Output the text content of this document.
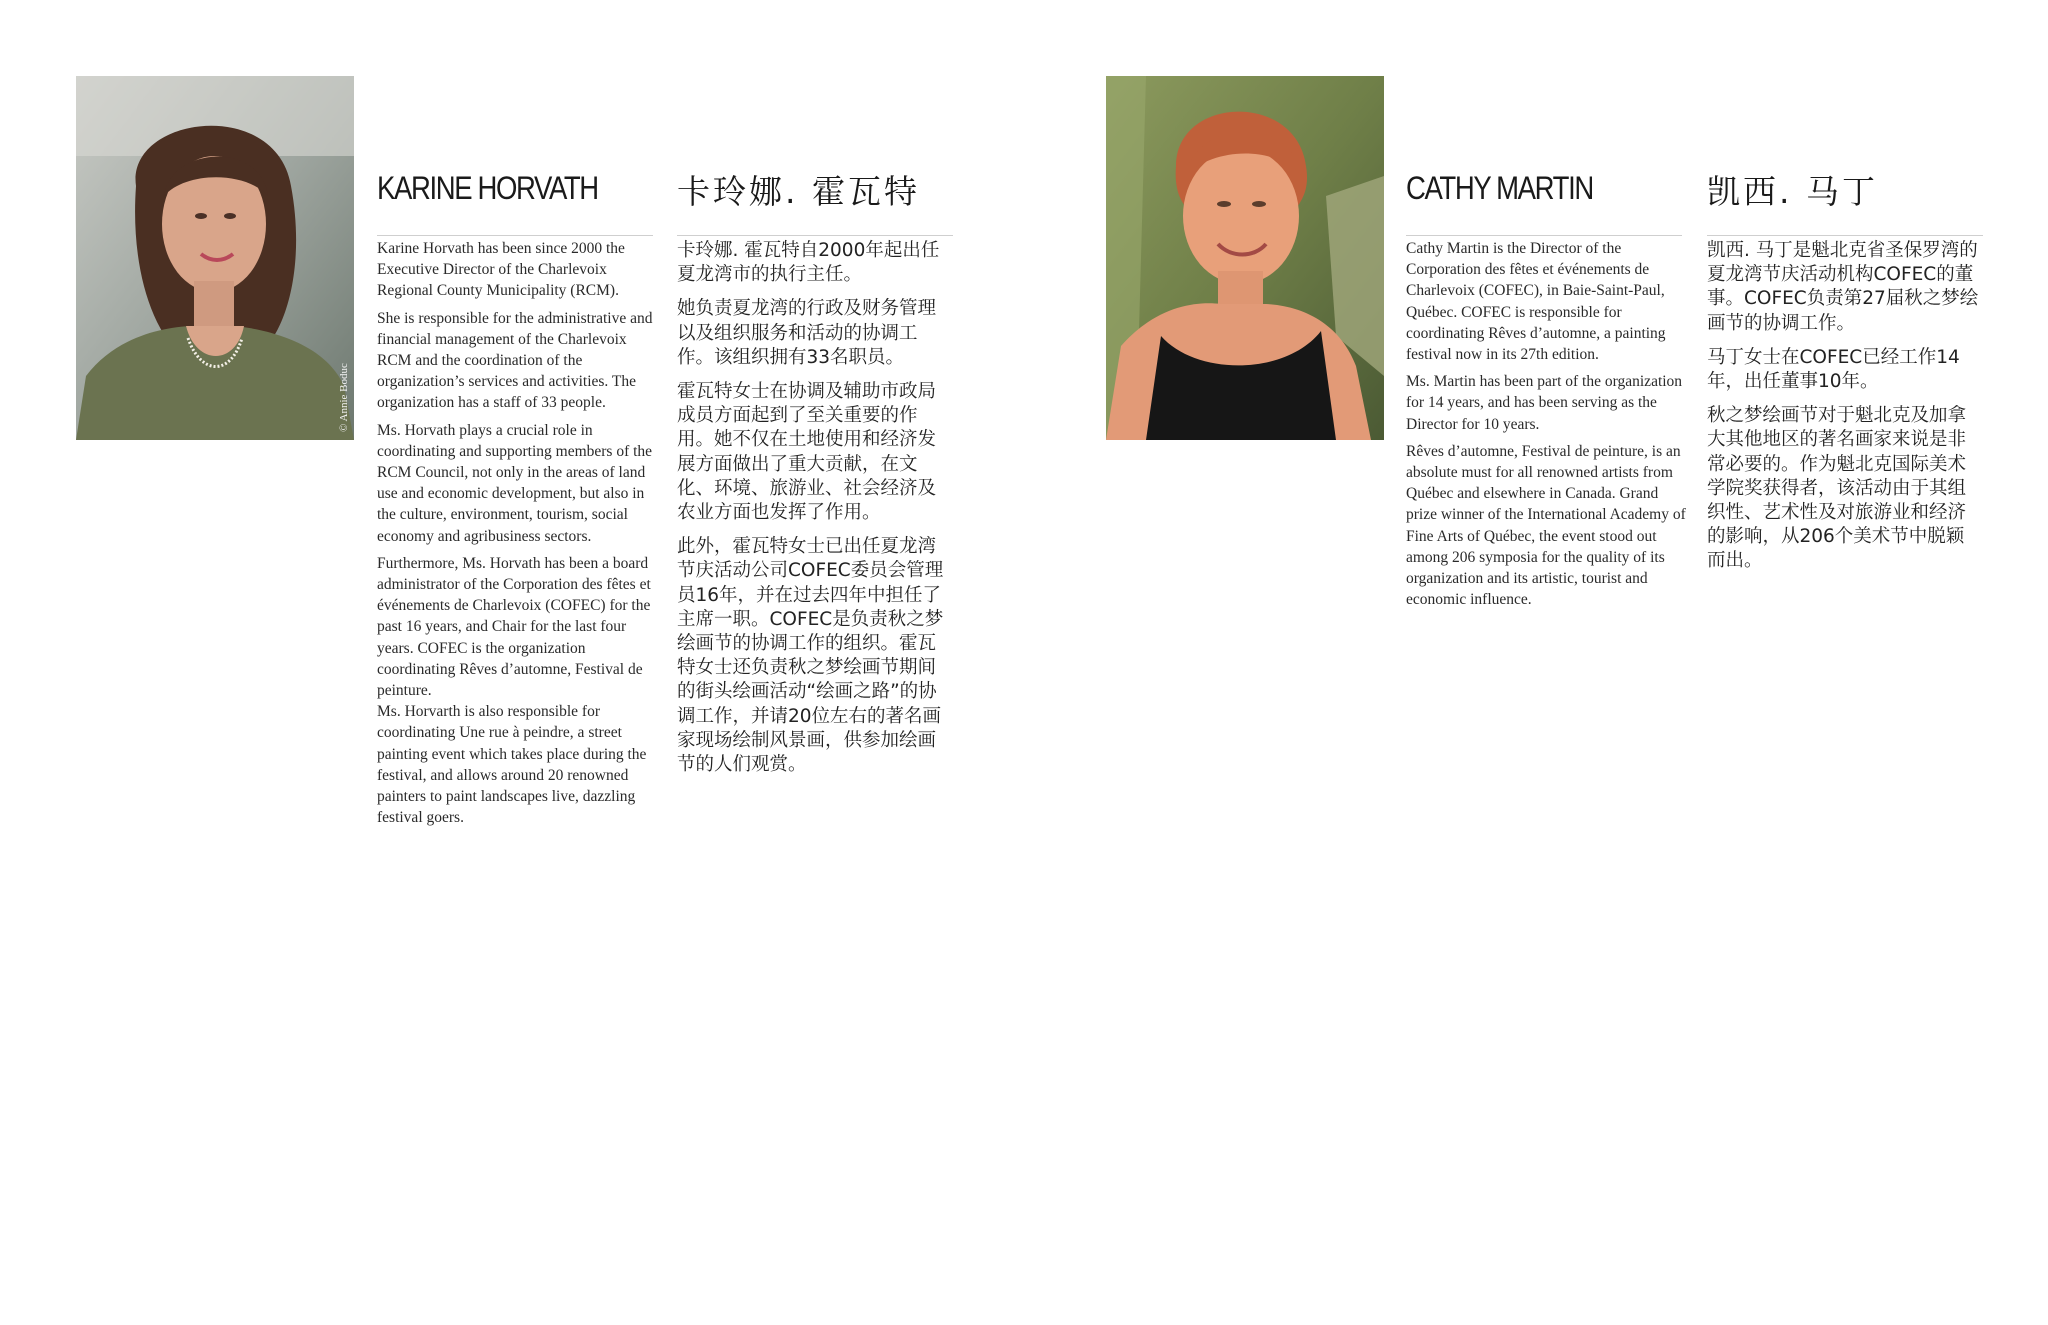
© Annie Boduc
KARINE HORVATH

Karine Horvath has been since 2000 the Executive Director of the Charlevoix Regional County Municipality (RCM).

She is responsible for the administrative and financial management of the Charlevoix RCM and the coordination of the organization’s services and activities. The organization has a staff of 33 people.

Ms. Horvath plays a crucial role in coordinating and supporting members of the RCM Council, not only in the areas of land use and economic development, but also in the culture, environment, tourism, social economy and agribusiness sectors.

Furthermore, Ms. Horvath has been a board administrator of the Corporation des fêtes et événements de Charlevoix (COFEC) for the past 16 years, and Chair for the last four years. COFEC is the organization coordinating Rêves d’automne, Festival de peinture.

Ms. Horvarth is also responsible for coordinating Une rue à peindre, a street painting event which takes place during the festival, and allows around 20 renowned painters to paint landscapes live, dazzling festival goers.

卡玲娜. 霍瓦特

卡玲娜. 霍瓦特自2000年起出任夏龙湾市的执行主任。

她负责夏龙湾的行政及财务管理以及组织服务和活动的协调工作。该组织拥有33名职员。

霍瓦特女士在协调及辅助市政局成员方面起到了至关重要的作用。她不仅在土地使用和经济发展方面做出了重大贡献，在文化、环境、旅游业、社会经济及农业方面也发挥了作用。

此外，霍瓦特女士已出任夏龙湾节庆活动公司COFEC委员会管理员16年，并在过去四年中担任了主席一职。COFEC是负责秋之梦绘画节的协调工作的组织。霍瓦特女士还负责秋之梦绘画节期间的街头绘画活动“绘画之路”的协调工作，并请20位左右的著名画家现场绘制风景画，供参加绘画节的人们观赏。

CATHY MARTIN

Cathy Martin is the Director of the Corporation des fêtes et événements de Charlevoix (COFEC), in Baie-Saint-Paul, Québec. COFEC is responsible for coordinating Rêves d’automne, a painting festival now in its 27th edition.

Ms. Martin has been part of the organization for 14 years, and has been serving as the Director for 10 years.

Rêves d’automne, Festival de peinture, is an absolute must for all renowned artists from Québec and elsewhere in Canada. Grand prize winner of the International Academy of Fine Arts of Québec, the event stood out among 206 symposia for the quality of its organization and its artistic, tourist and economic influence.

凯西. 马丁

凯西. 马丁是魁北克省圣保罗湾的夏龙湾节庆活动机构COFEC的董事。COFEC负责第27届秋之梦绘画节的协调工作。

马丁女士在COFEC已经工作14年，出任董事10年。

秋之梦绘画节对于魁北克及加拿大其他地区的著名画家来说是非常必要的。作为魁北克国际美术学院奖获得者，该活动由于其组织性、艺术性及对旅游业和经济的影响，从206个美术节中脱颖而出。
